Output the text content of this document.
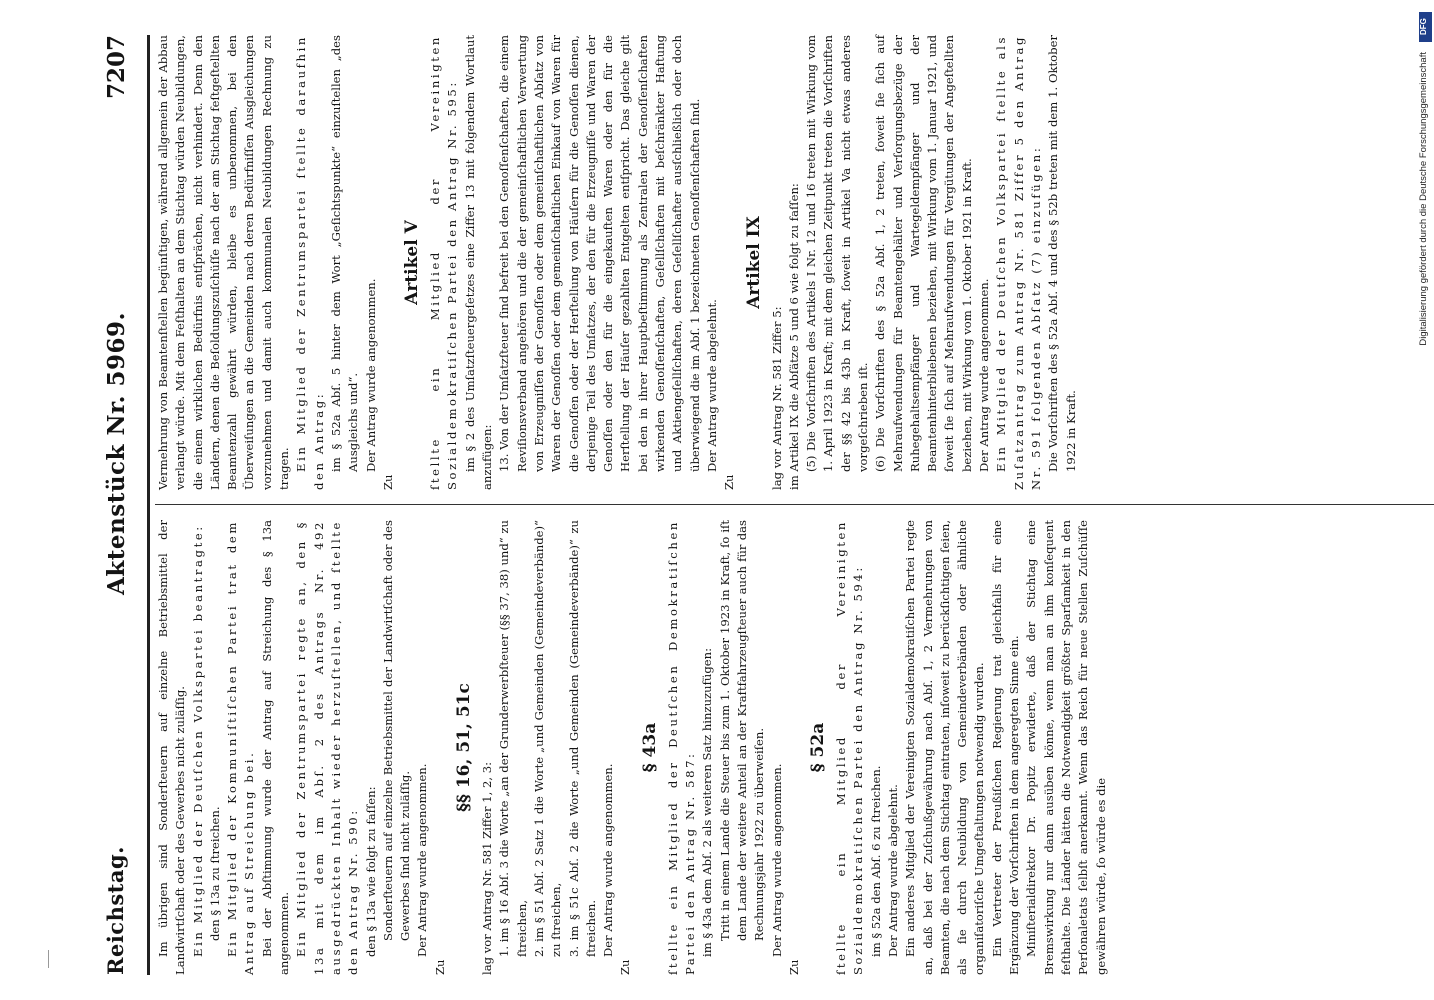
Reichstag.
Aktenstück Nr. 5969.
7207

Im übrigen sind Sonderſteuern auf einzelne Betriebsmittel der Landwirtſchaft oder des Gewerbes nicht zuläſſig. Ein Mitglied der Deutſchen Volkspartei beantragte: den § 13a zu ſtreichen. Ein Mitglied der Kommuniſtiſchen Partei trat dem Antrag auf Streichung bei. Bei der Abſtimmung wurde der Antrag auf Streichung des § 13a angenommen. Ein Mitglied der Zentrumspartei regte an, den § 13a mit dem im Abſ. 2 des Antrags Nr. 492 ausgedrückten Inhalt wieder herzuſtellen, und ſtellte den Antrag Nr. 590: den § 13a wie folgt zu faſſen: Sonderſteuern auf einzelne Betriebsmittel der Landwirtſchaft oder des Gewerbes ſind nicht zuläſſig. Der Antrag wurde angenommen.

Zu

§§ 16, 51, 51c

lag vor Antrag Nr. 581 Ziffer 1, 2, 3: 1. im § 16 Abſ. 3 die Worte „an der Grunderwerbſteuer (§§ 37, 38) und“ zu ſtreichen, 2. im § 51 Abſ. 2 Satz 1 die Worte „und Gemeinden (Gemeindeverbände)“ zu ſtreichen, 3. im § 51c Abſ. 2 die Worte „und Gemeinden (Gemeindeverbände)“ zu ſtreichen. Der Antrag wurde angenommen.

Zu

§ 43a ſtellte ein Mitglied der Deutſchen Demokratiſchen Partei den Antrag Nr. 587: im § 43a dem Abſ. 2 als weiteren Satz hinzuzufügen: Tritt in einem Lande die Steuer bis zum 1. Oktober 1923 in Kraft, ſo iſt dem Lande der weitere Anteil an der Kraftfahrzeugſteuer auch für das Rechnungsjahr 1922 zu überweiſen. Der Antrag wurde angenommen.

Zu

§ 52a ſtellte ein Mitglied der Vereinigten Sozialdemokratiſchen Partei den Antrag Nr. 594: im § 52a den Abſ. 6 zu ſtreichen. Der Antrag wurde abgelehnt. Ein anderes Mitglied der Vereinigten Sozialdemokratiſchen Partei regte an, daß bei der Zuſchußgewährung nach Abſ. 1, 2 Vermehrungen von Beamten, die nach dem Stichtag eintraten, inſoweit zu berückſichtigen ſeien, als ſie durch Neubildung von Gemeindeverbänden oder ähnliche organiſatoriſche Umgeſtaltungen notwendig wurden. Ein Vertreter der Preußiſchen Regierung trat gleichfalls für eine Ergänzung der Vorſchriften in dem angeregten Sinne ein. Miniſterialdirektor Dr. Popitz erwiderte, daß der Stichtag eine Bremswirkung nur dann ausüben könne, wenn man an ihm konſequent feſthalte. Die Länder hätten die Notwendigkeit größter Sparſamkeit in den Perſonaletats ſelbſt anerkannt. Wenn das Reich für neue Stellen Zuſchüſſe gewähren würde, ſo würde es die

Vermehrung von Beamtenſtellen begünſtigen, während allgemein der Abbau verlangt würde. Mit dem Feſthalten an dem Stichtag würden Neubildungen, die einem wirklichen Bedürfnis entſprächen, nicht verhindert. Denn den Ländern, denen die Beſoldungszuſchüſſe nach der am Stichtag feſtgeſtellten Beamtenzahl gewährt würden, bleibe es unbenommen, bei den Überweiſungen an die Gemeinden nach deren Bedürfniſſen Ausgleichungen vorzunehmen und damit auch kommunalen Neubildungen Rechnung zu tragen. Ein Mitglied der Zentrumspartei ſtellte daraufhin den Antrag: im § 52a Abſ. 5 hinter dem Wort „Geſichtspunkte“ einzuſtellen „des Ausgleichs und“. Der Antrag wurde angenommen.

Zu

Artikel V ſtellte ein Mitglied der Vereinigten Sozialdemokratiſchen Partei den Antrag Nr. 595: im § 2 des Umſatzſteuergeſetzes eine Ziffer 13 mit folgendem Wortlaut anzufügen: 13. Von der Umſatzſteuer ſind befreit bei den Genoſſenſchaften, die einem Reviſionsverband angehören und die der gemeinſchaftlichen Verwertung von Erzeugniſſen der Genoſſen oder dem gemeinſchaftlichen Abſatz von Waren der Genoſſen oder dem gemeinſchaftlichen Einkauf von Waren für die Genoſſen oder der Herſtellung von Häuſern für die Genoſſen dienen, derjenige Teil des Umſatzes, der den für die Erzeugniſſe und Waren der Genoſſen oder den für die eingekauften Waren oder den für die Herſtellung der Häuſer gezahlten Entgelten entſpricht. Das gleiche gilt bei den in ihrer Hauptbeſtimmung als Zentralen der Genoſſenſchaften wirkenden Genoſſenſchaften, Geſellſchaften mit beſchränkter Haftung und Aktiengeſellſchaften, deren Geſellſchafter ausſchließlich oder doch überwiegend die im Abſ. 1 bezeichneten Genoſſenſchaften ſind. Der Antrag wurde abgelehnt.

Zu

Artikel IX

lag vor Antrag Nr. 581 Ziffer 5: im Artikel IX die Abſätze 5 und 6 wie folgt zu faſſen: (5) Die Vorſchriften des Artikels I Nr. 12 und 16 treten mit Wirkung vom 1. April 1923 in Kraft; mit dem gleichen Zeitpunkt treten die Vorſchriften der §§ 42 bis 43b in Kraft, ſoweit in Artikel Va nicht etwas anderes vorgeſchrieben iſt. (6) Die Vorſchriften des § 52a Abſ. 1, 2 treten, ſoweit ſie ſich auf Mehraufwendungen für Beamtengehälter und Verſorgungsbezüge der Ruhegehaltsempfänger und Wartegeldempfänger und der Beamtenhinterbliebenen beziehen, mit Wirkung vom 1. Januar 1921, und ſoweit ſie ſich auf Mehraufwendungen für Vergütungen der Angeſtellten beziehen, mit Wirkung vom 1. Oktober 1921 in Kraft. Der Antrag wurde angenommen. Ein Mitglied der Deutſchen Volkspartei ſtellte als Zuſatzantrag zum Antrag Nr. 581 Ziffer 5 den Antrag Nr. 591 folgenden Abſatz (7) einzufügen: Die Vorſchriften des § 52a Abſ. 4 und des § 52b treten mit dem 1. Oktober 1922 in Kraft.

DFG
Digitalisierung gefördert durch die Deutsche Forschungsgemeinschaft
